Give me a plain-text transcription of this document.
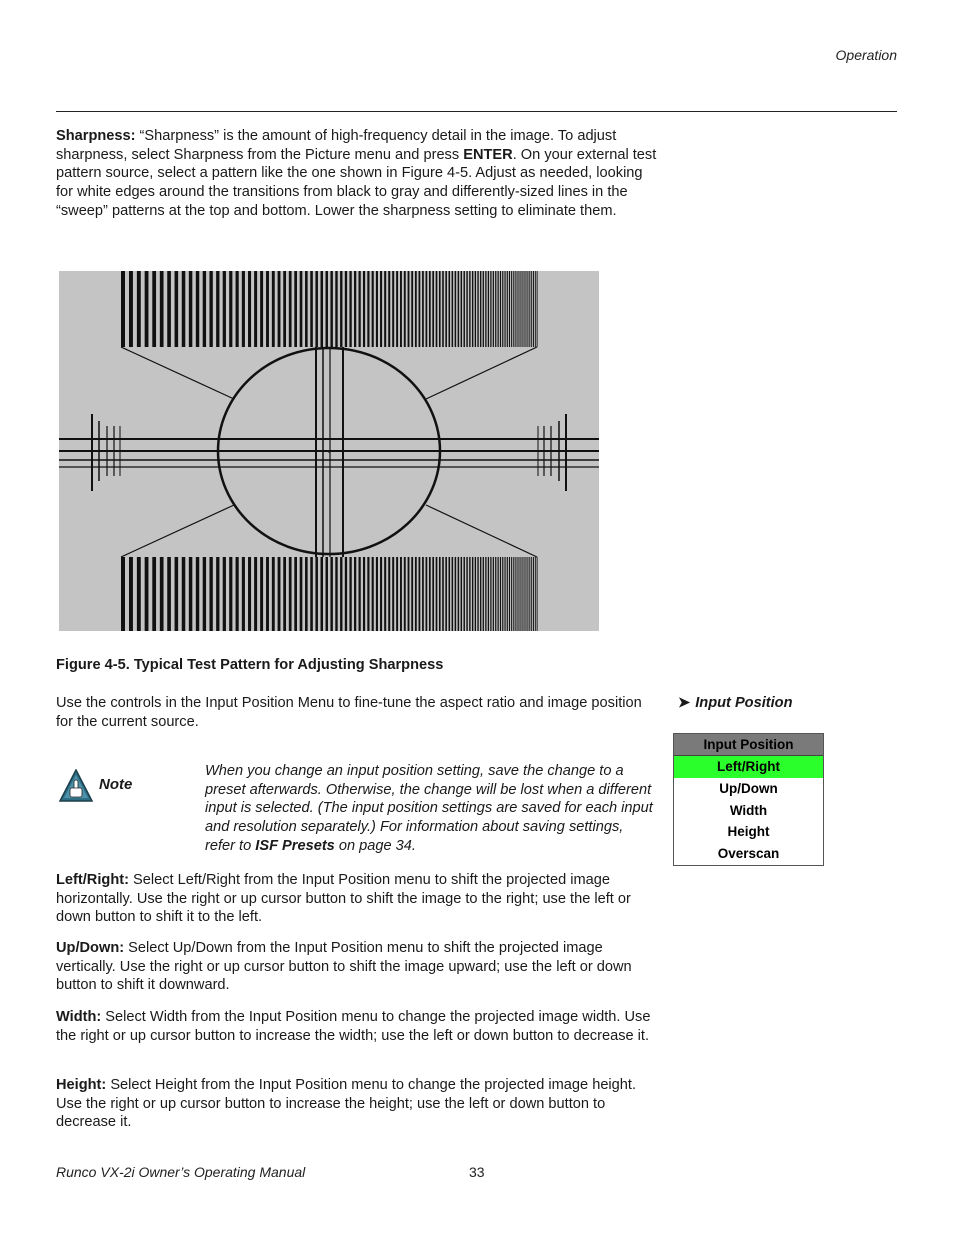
Operation
Sharpness: “Sharpness” is the amount of high-frequency detail in the image. To adjust sharpness, select Sharpness from the Picture menu and press ENTER. On your external test pattern source, select a pattern like the one shown in Figure 4-5. Adjust as needed, looking for white edges around the transitions from black to gray and differently-sized lines in the “sweep” patterns at the top and bottom. Lower the sharpness setting to eliminate them.
Figure 4-5. Typical Test Pattern for Adjusting Sharpness
Use the controls in the Input Position Menu to fine-tune the aspect ratio and image position for the current source.
➤ Input Position
Input Position
Left/Right
Up/Down
Width
Height
Overscan
Note
When you change an input position setting, save the change to a preset afterwards. Otherwise, the change will be lost when a different input is selected. (The input position settings are saved for each input and resolution separately.) For information about saving settings, refer to ISF Presets on page 34.
Left/Right: Select Left/Right from the Input Position menu to shift the projected image horizontally. Use the right or up cursor button to shift the image to the right; use the left or down button to shift it to the left.
Up/Down: Select Up/Down from the Input Position menu to shift the projected image vertically. Use the right or up cursor button to shift the image upward; use the left or down button to shift it downward.
Width: Select Width from the Input Position menu to change the projected image width. Use the right or up cursor button to increase the width; use the left or down button to decrease it.
Height: Select Height from the Input Position menu to change the projected image height. Use the right or up cursor button to increase the height; use the left or down button to decrease it.
Runco VX-2i Owner’s Operating Manual	33
